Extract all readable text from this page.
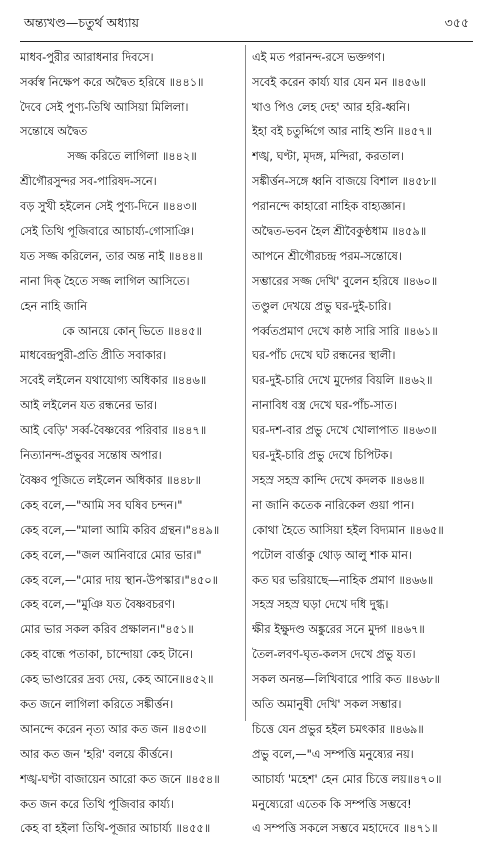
অন্ত্যখণ্ড—চতুর্থ অধ্যায়	৩৫৫
মাধব-পুরীর আরাধনার দিবসে।
সর্ব্বস্ব নিক্ষেপ করে অদ্বৈত হরিষে ॥৪৪১॥
দৈবে সেই পুণ্য-তিথি আসিয়া মিলিলা।
সন্তোষে অদ্বৈত
সজ্জ করিতে লাগিলা ॥৪৪২॥
শ্রীগৌরসুন্দর সব-পারিষদ-সনে।
বড় সুখী হইলেন সেই পুণ্য-দিনে ॥৪৪৩॥
সেই তিথি পূজিবারে আচার্য্য-গোসাঞি।
যত সজ্জ করিলেন, তার অন্ত নাই ॥৪৪৪॥
নানা দিক্‌ হৈতে সজ্জ লাগিল আসিতে।
হেন নাহি জানি
কে আনয়ে কোন্‌ ভিতে ॥৪৪৫॥
মাধবেন্দ্রপুরী-প্রতি প্রীতি সবাকার।
সবেই লইলেন যথাযোগ্য অধিকার ॥৪৪৬॥
আই লইলেন যত রন্ধনের ভার।
আই বেড়ি' সর্ব্ব-বৈষ্ণবের পরিবার ॥৪৪৭॥
নিত্যানন্দ-প্রভুবর সন্তোষ অপার।
বৈষ্ণব পূজিতে লইলেন অধিকার ॥৪৪৮॥
কেহ বলে,—"আমি সব ঘষিব চন্দন।"
কেহ বলে,—"মালা আমি করিব গ্রন্থন।"৪৪৯॥
কেহ বলে,—"জল আনিবারে মোর ভার।"
কেহ বলে,—"মোর দায় স্থান-উপস্কার।"৪৫০॥
কেহ বলে,—"মুঞি যত বৈষ্ণবচরণ।
মোর ভার সকল করিব প্রক্ষালন।"৪৫১॥
কেহ বান্ধে পতাকা, চান্দোয়া কেহ টানে।
কেহ ভাণ্ডারের দ্রব্য দেয়, কেহ আনে॥৪৫২॥
কত জনে লাগিলা করিতে সঙ্কীর্ত্তন।
আনন্দে করেন নৃত্য আর কত জন ॥৪৫৩॥
আর কত জন 'হরি' বলয়ে কীর্ত্তনে।
শঙ্খ-ঘণ্টা বাজায়েন আরো কত জনে ॥৪৫৪॥
কত জন করে তিথি পূজিবার কার্য্য।
কেহ বা হইলা তিথি-পূজার আচার্য্য ॥৪৫৫॥
এই মত পরানন্দ-রসে ভক্তগণ।
সবেই করেন কার্য্য যার যেন মন ॥৪৫৬॥
খাও পিও লেহ দেহ' আর হরি-ধ্বনি।
ইহা বই চতুর্দ্দিগে আর নাহি শুনি ॥৪৫৭॥
শঙ্খ, ঘণ্টা, মৃদঙ্গ, মন্দিরা, করতাল।
সঙ্কীর্ত্তন-সঙ্গে ধ্বনি বাজয়ে বিশাল ॥৪৫৮॥
পরানন্দে কাহারো নাহিক বাহ্যজ্ঞান।
অদ্বৈত-ভবন হৈল শ্রীবৈকুণ্ঠধাম ॥৪৫৯॥
আপনে শ্রীগৌরচন্দ্র পরম-সন্তোষে।
সম্ভারের সজ্জ দেখি' বুলেন হরিষে ॥৪৬০॥
তণ্ডুল দেখয়ে প্রভু ঘর-দুই-চারি।
পর্ব্বতপ্রমাণ দেখে কাষ্ঠ সারি সারি ॥৪৬১॥
ঘর-পাঁচ দেখে ঘট রন্ধনের স্থালী।
ঘর-দুই-চারি দেখে মুদ্গের বিয়লি ॥৪৬২॥
নানাবিধ বস্ত্র দেখে ঘর-পাঁচ-সাত।
ঘর-দশ-বার প্রভু দেখে খোলাপাত ॥৪৬৩॥
ঘর-দুই-চারি প্রভু দেখে চিপিটক।
সহস্র সহস্র কান্দি দেখে কদলক ॥৪৬৪॥
না জানি কতেক নারিকেল গুয়া পান।
কোথা হৈতে আসিয়া হইল বিদ্যমান ॥৪৬৫॥
পটোল বার্ত্তাকু থোড় আলু শাক মান।
কত ঘর ভরিয়াছে—নাহিক প্রমাণ ॥৪৬৬॥
সহস্র সহস্র ঘড়া দেখে দধি দুগ্ধ।
ক্ষীর ইক্ষুদণ্ড অঙ্কুরের সনে মুদ্গ ॥৪৬৭॥
তৈল-লবণ-ঘৃত-কলস দেখে প্রভু যত।
সকল অনন্ত—লিখিবারে পারি কত ॥৪৬৮॥
অতি অমানুষী দেখি' সকল সম্ভার।
চিত্তে যেন প্রভুর হইল চমৎকার ॥৪৬৯॥
প্রভু বলে,—"এ সম্পত্তি মনুষ্যের নয়।
আচার্য্য 'মহেশ' হেন মোর চিত্তে লয়॥৪৭০॥
মনুষ্যেরো এতেক কি সম্পত্তি সম্ভবে!
এ সম্পত্তি সকলে সম্ভবে মহাদেবে ॥৪৭১॥
